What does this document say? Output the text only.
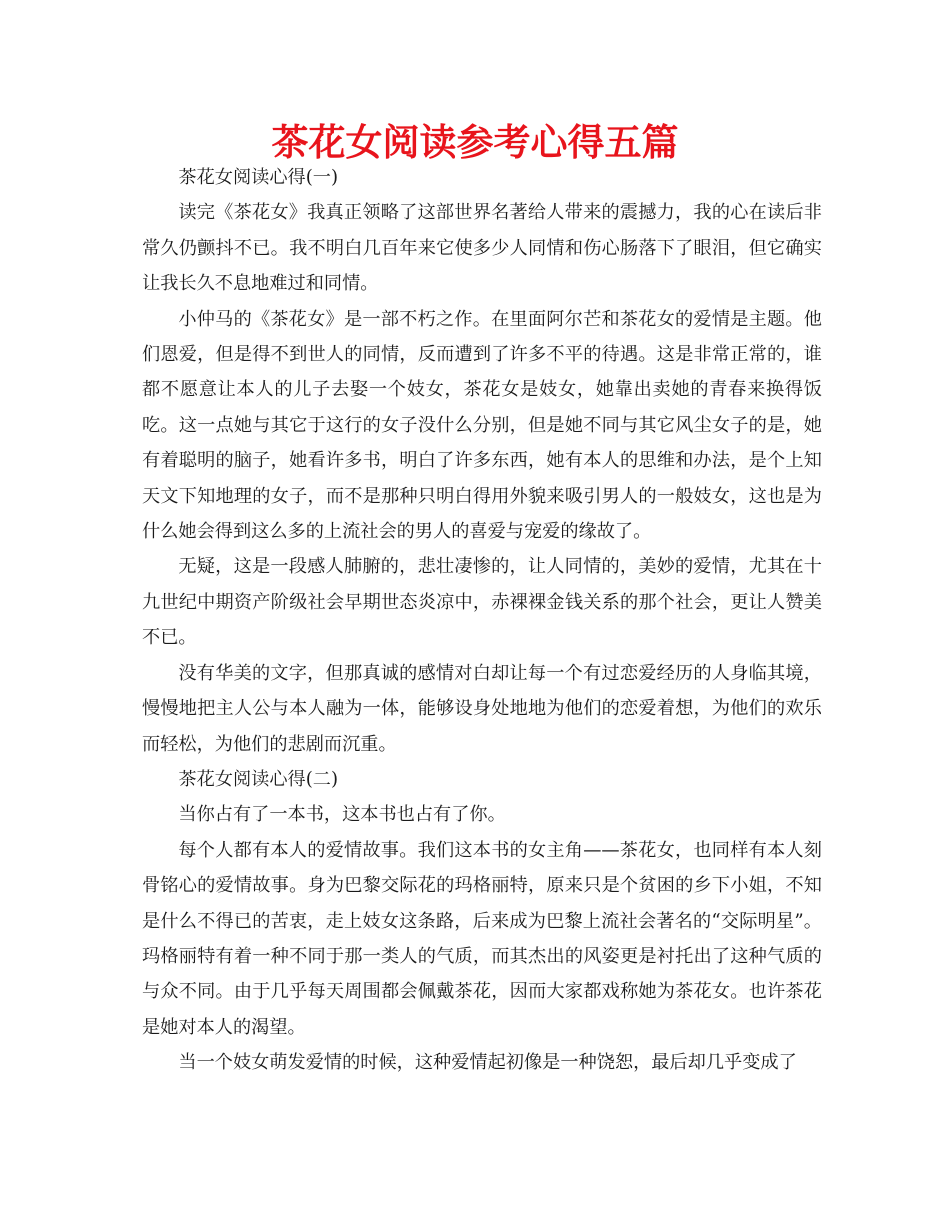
茶花女阅读参考心得五篇

茶花女阅读心得(一)

读完《茶花女》我真正领略了这部世界名著给人带来的震撼力，我的心在读后非常久仍颤抖不已。我不明白几百年来它使多少人同情和伤心肠落下了眼泪，但它确实让我长久不息地难过和同情。

小仲马的《茶花女》是一部不朽之作。在里面阿尔芒和茶花女的爱情是主题。他们恩爱，但是得不到世人的同情，反而遭到了许多不平的待遇。这是非常正常的，谁都不愿意让本人的儿子去娶一个妓女，茶花女是妓女，她靠出卖她的青春来换得饭吃。这一点她与其它于这行的女子没什么分别，但是她不同与其它风尘女子的是，她有着聪明的脑子，她看许多书，明白了许多东西，她有本人的思维和办法，是个上知天文下知地理的女子，而不是那种只明白得用外貌来吸引男人的一般妓女，这也是为什么她会得到这么多的上流社会的男人的喜爱与宠爱的缘故了。

无疑，这是一段感人肺腑的，悲壮凄惨的，让人同情的，美妙的爱情，尤其在十九世纪中期资产阶级社会早期世态炎凉中，赤裸裸金钱关系的那个社会，更让人赞美不已。

没有华美的文字，但那真诚的感情对白却让每一个有过恋爱经历的人身临其境，慢慢地把主人公与本人融为一体，能够设身处地地为他们的恋爱着想，为他们的欢乐而轻松，为他们的悲剧而沉重。

茶花女阅读心得(二)

当你占有了一本书，这本书也占有了你。

每个人都有本人的爱情故事。我们这本书的女主角——茶花女，也同样有本人刻骨铭心的爱情故事。身为巴黎交际花的玛格丽特，原来只是个贫困的乡下小姐，不知是什么不得已的苦衷，走上妓女这条路，后来成为巴黎上流社会著名的“交际明星”。玛格丽特有着一种不同于那一类人的气质，而其杰出的风姿更是衬托出了这种气质的与众不同。由于几乎每天周围都会佩戴茶花，因而大家都戏称她为茶花女。也许茶花是她对本人的渴望。

当一个妓女萌发爱情的时候，这种爱情起初像是一种饶恕，最后却几乎变成了
